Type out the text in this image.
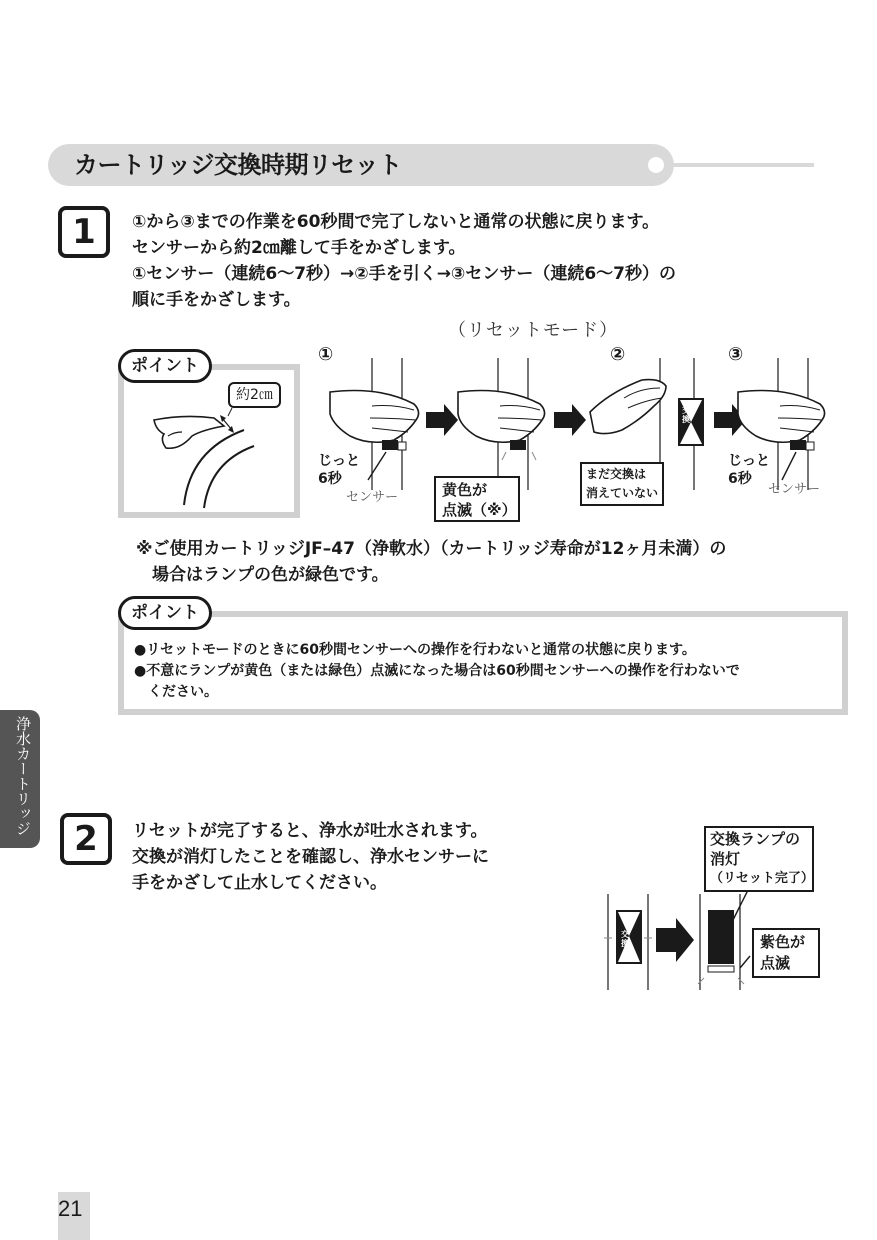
カートリッジ交換時期リセット
1	①から③までの作業を60秒間で完了しないと通常の状態に戻ります。
センサーから約2㎝離して手をかざします。
①センサー（連続6〜7秒）→②手を引く→③センサー（連続6〜7秒）の
順に手をかざします。
（リセットモード）
約2㎝
ポイント
①	②	③
じっと
6秒
センサー
じっと
6秒
センサー
黄色が
点滅（※）
まだ交換は
消えていない
交換
※ご使用カートリッジJF–47（浄軟水）（カートリッジ寿命が12ヶ月未満）の
場合はランプの色が緑色です。
ポイント
●リセットモードのときに60秒間センサーへの操作を行わないと通常の状態に戻ります。
●不意にランプが黄色（または緑色）点滅になった場合は60秒間センサーへの操作を行わないで
ください。
浄水カートリッジ
2	リセットが完了すると、浄水が吐水されます。
交換が消灯したことを確認し、浄水センサーに
手をかざして止水してください。
交換
交換ランプの
消灯
（リセット完了）
紫色が
点滅
21
